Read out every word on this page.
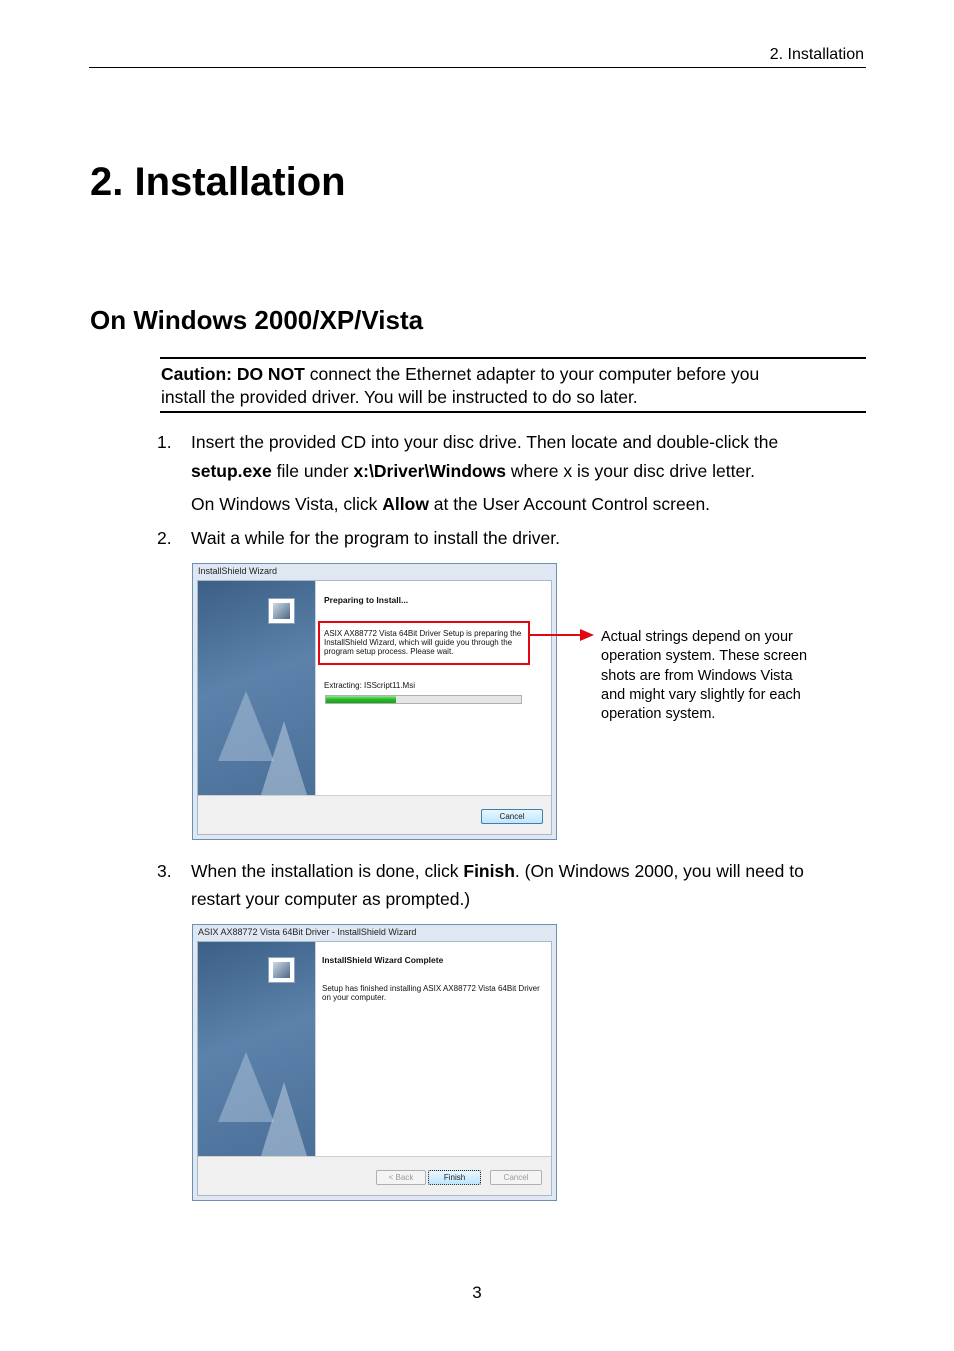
2. Installation
2. Installation
On Windows 2000/XP/Vista
Caution: DO NOT connect the Ethernet adapter to your computer before you
install the provided driver. You will be instructed to do so later.
1. Insert the provided CD into your disc drive. Then locate and double-click the
setup.exe file under x:\Driver\Windows where x is your disc drive letter.
On Windows Vista, click Allow at the User Account Control screen.
2. Wait a while for the program to install the driver.
InstallShield Wizard
Preparing to Install...
ASIX AX88772 Vista 64Bit Driver Setup is preparing the
InstallShield Wizard, which will guide you through the
program setup process. Please wait.
Extracting: ISScript11.Msi
Cancel
Actual strings depend on your
operation system. These screen
shots are from Windows Vista
and might vary slightly for each
operation system.
3. When the installation is done, click Finish. (On Windows 2000, you will need to
restart your computer as prompted.)
ASIX AX88772 Vista 64Bit Driver - InstallShield Wizard
InstallShield Wizard Complete
Setup has finished installing ASIX AX88772 Vista 64Bit Driver
on your computer.
< Back	Finish	Cancel
3
